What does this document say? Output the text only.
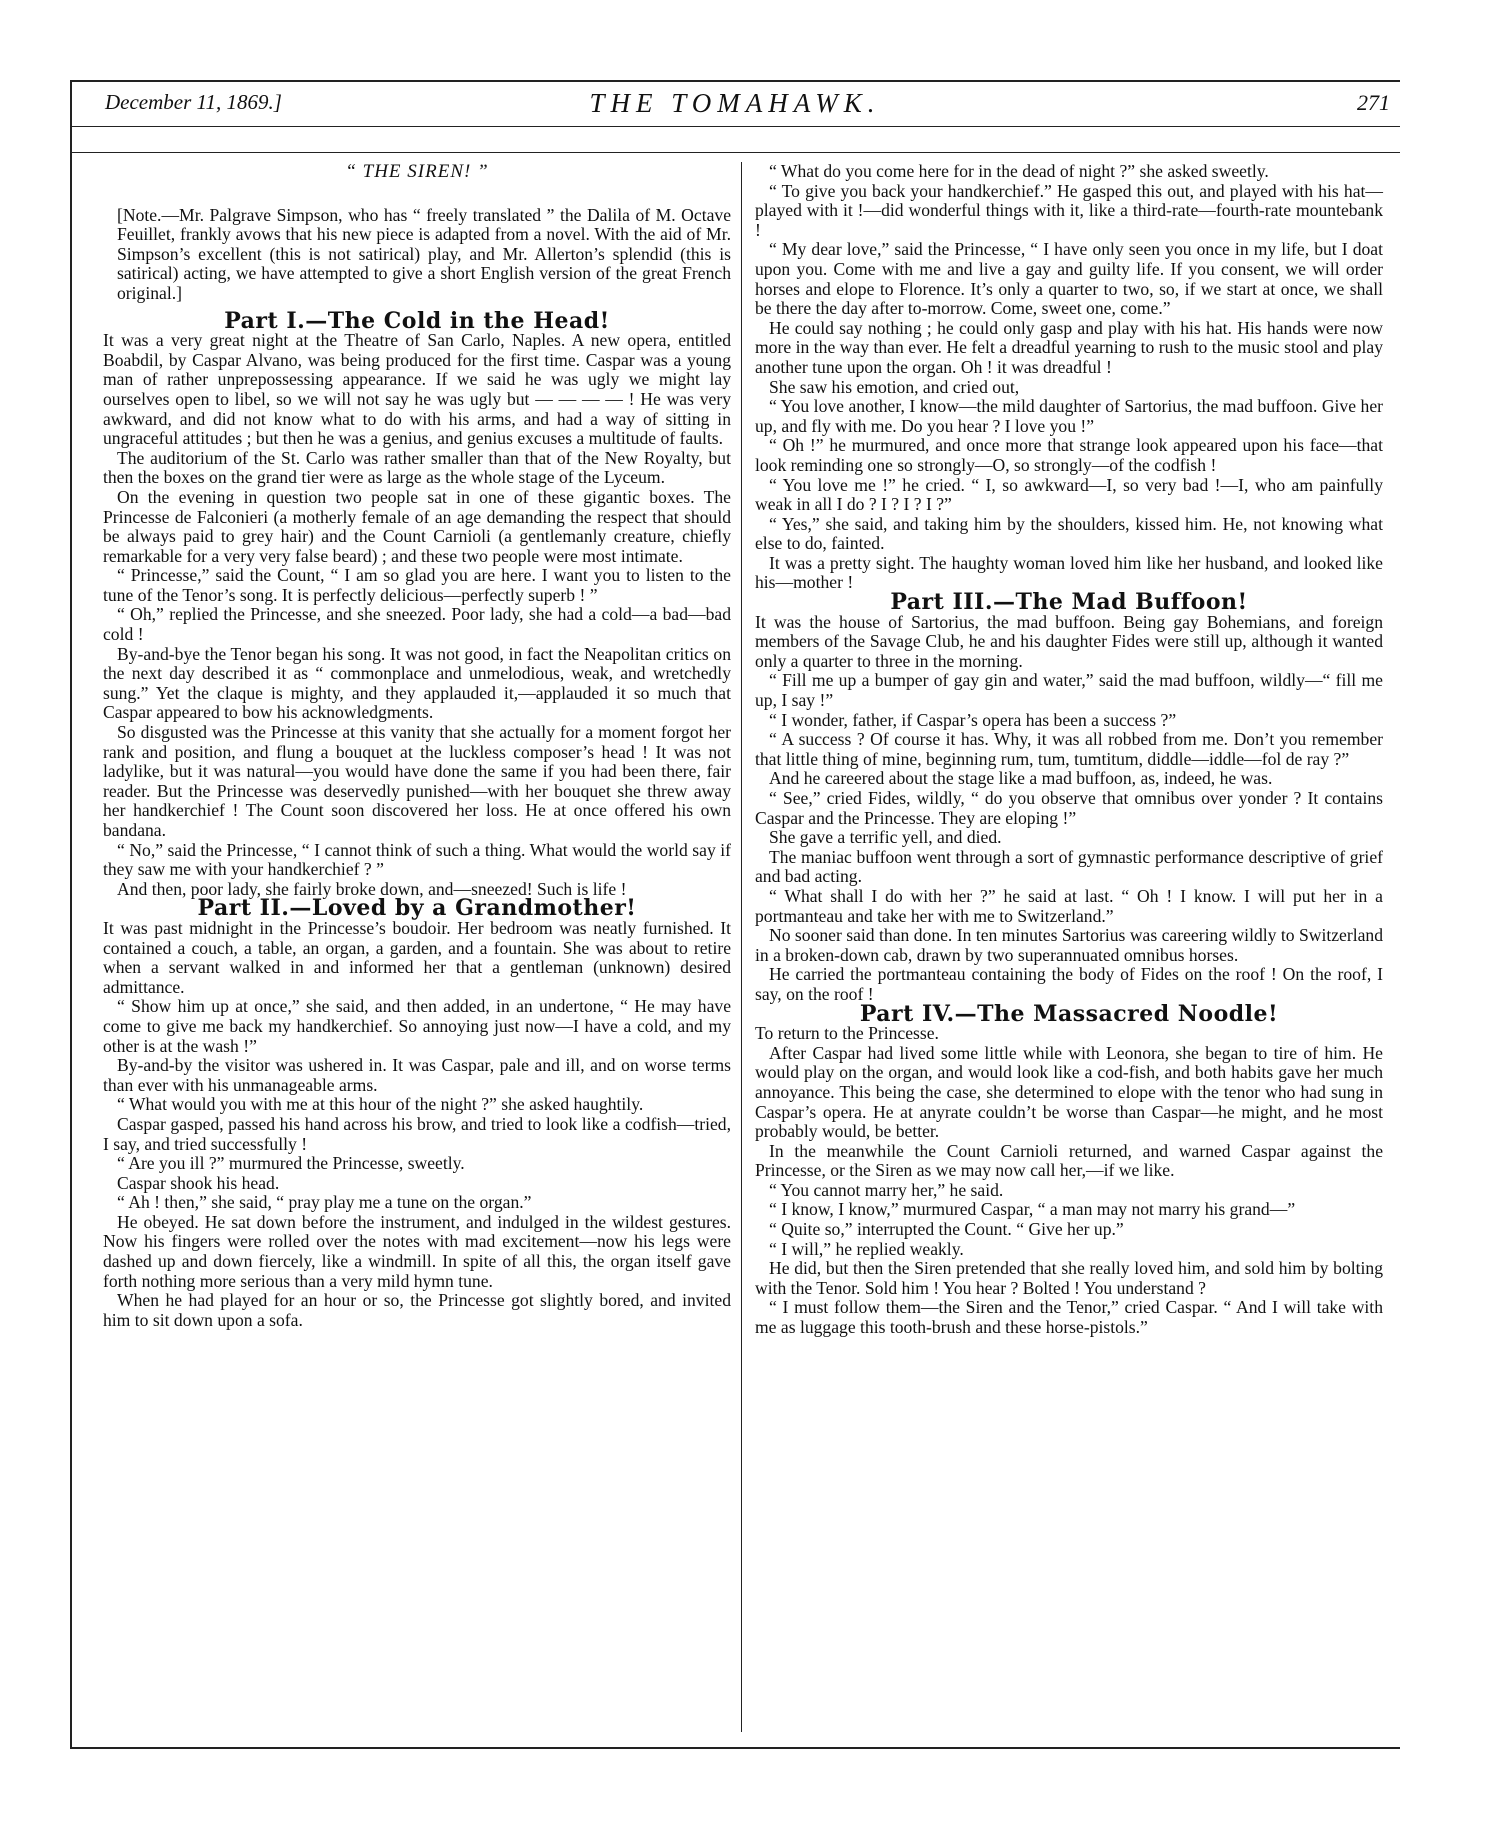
December 11, 1869.]	THE TOMAHAWK.	271

“ THE SIREN! ”

[Note.—Mr. Palgrave Simpson, who has “ freely translated ” the Dalila of M. Octave Feuillet, frankly avows that his new piece is adapted from a novel. With the aid of Mr. Simpson’s excellent (this is not satirical) play, and Mr. Allerton’s splendid (this is satirical) acting, we have attempted to give a short English version of the great French original.]

Part I.—The Cold in the Head!

It was a very great night at the Theatre of San Carlo, Naples. A new opera, entitled Boabdil, by Caspar Alvano, was being produced for the first time. Caspar was a young man of rather unprepossessing appearance. If we said he was ugly we might lay ourselves open to libel, so we will not say he was ugly but — — — — ! He was very awkward, and did not know what to do with his arms, and had a way of sitting in ungraceful attitudes ; but then he was a genius, and genius excuses a multitude of faults.

The auditorium of the St. Carlo was rather smaller than that of the New Royalty, but then the boxes on the grand tier were as large as the whole stage of the Lyceum.

On the evening in question two people sat in one of these gigantic boxes. The Princesse de Falconieri (a motherly female of an age demanding the respect that should be always paid to grey hair) and the Count Carnioli (a gentlemanly creature, chiefly remarkable for a very very false beard) ; and these two people were most intimate.

“ Princesse,” said the Count, “ I am so glad you are here. I want you to listen to the tune of the Tenor’s song. It is perfectly delicious—perfectly superb ! ”

“ Oh,” replied the Princesse, and she sneezed. Poor lady, she had a cold—a bad—bad cold !

By-and-bye the Tenor began his song. It was not good, in fact the Neapolitan critics on the next day described it as “ commonplace and unmelodious, weak, and wretchedly sung.” Yet the claque is mighty, and they applauded it,—applauded it so much that Caspar appeared to bow his acknowledgments.

So disgusted was the Princesse at this vanity that she actually for a moment forgot her rank and position, and flung a bouquet at the luckless composer’s head ! It was not ladylike, but it was natural—you would have done the same if you had been there, fair reader. But the Princesse was deservedly punished—with her bouquet she threw away her handkerchief ! The Count soon discovered her loss. He at once offered his own bandana.

“ No,” said the Princesse, “ I cannot think of such a thing. What would the world say if they saw me with your handkerchief ? ”

And then, poor lady, she fairly broke down, and—sneezed! Such is life !

Part II.—Loved by a Grandmother!

It was past midnight in the Princesse’s boudoir. Her bedroom was neatly furnished. It contained a couch, a table, an organ, a garden, and a fountain. She was about to retire when a servant walked in and informed her that a gentleman (unknown) desired admittance.

“ Show him up at once,” she said, and then added, in an undertone, “ He may have come to give me back my handkerchief. So annoying just now—I have a cold, and my other is at the wash !”

By-and-by the visitor was ushered in. It was Caspar, pale and ill, and on worse terms than ever with his unmanageable arms.

“ What would you with me at this hour of the night ?” she asked haughtily.

Caspar gasped, passed his hand across his brow, and tried to look like a codfish—tried, I say, and tried successfully !

“ Are you ill ?” murmured the Princesse, sweetly.

Caspar shook his head.

“ Ah ! then,” she said, “ pray play me a tune on the organ.”

He obeyed. He sat down before the instrument, and indulged in the wildest gestures. Now his fingers were rolled over the notes with mad excitement—now his legs were dashed up and down fiercely, like a windmill. In spite of all this, the organ itself gave forth nothing more serious than a very mild hymn tune.

When he had played for an hour or so, the Princesse got slightly bored, and invited him to sit down upon a sofa.

“ What do you come here for in the dead of night ?” she asked sweetly.

“ To give you back your handkerchief.” He gasped this out, and played with his hat—played with it !—did wonderful things with it, like a third-rate—fourth-rate mountebank !

“ My dear love,” said the Princesse, “ I have only seen you once in my life, but I doat upon you. Come with me and live a gay and guilty life. If you consent, we will order horses and elope to Florence. It’s only a quarter to two, so, if we start at once, we shall be there the day after to-morrow. Come, sweet one, come.”

He could say nothing ; he could only gasp and play with his hat. His hands were now more in the way than ever. He felt a dreadful yearning to rush to the music stool and play another tune upon the organ. Oh ! it was dreadful !

She saw his emotion, and cried out,

“ You love another, I know—the mild daughter of Sartorius, the mad buffoon. Give her up, and fly with me. Do you hear ? I love you !”

“ Oh !” he murmured, and once more that strange look appeared upon his face—that look reminding one so strongly—O, so strongly—of the codfish !

“ You love me !” he cried. “ I, so awkward—I, so very bad !—I, who am painfully weak in all I do ? I ? I ? I ?”

“ Yes,” she said, and taking him by the shoulders, kissed him. He, not knowing what else to do, fainted.

It was a pretty sight. The haughty woman loved him like her husband, and looked like his—mother !

Part III.—The Mad Buffoon!

It was the house of Sartorius, the mad buffoon. Being gay Bohemians, and foreign members of the Savage Club, he and his daughter Fides were still up, although it wanted only a quarter to three in the morning.

“ Fill me up a bumper of gay gin and water,” said the mad buffoon, wildly—“ fill me up, I say !”

“ I wonder, father, if Caspar’s opera has been a success ?”

“ A success ? Of course it has. Why, it was all robbed from me. Don’t you remember that little thing of mine, beginning rum, tum, tumtitum, diddle—iddle—fol de ray ?”

And he careered about the stage like a mad buffoon, as, indeed, he was.

“ See,” cried Fides, wildly, “ do you observe that omnibus over yonder ? It contains Caspar and the Princesse. They are eloping !”

She gave a terrific yell, and died.

The maniac buffoon went through a sort of gymnastic performance descriptive of grief and bad acting.

“ What shall I do with her ?” he said at last. “ Oh ! I know. I will put her in a portmanteau and take her with me to Switzerland.”

No sooner said than done. In ten minutes Sartorius was careering wildly to Switzerland in a broken-down cab, drawn by two superannuated omnibus horses.

He carried the portmanteau containing the body of Fides on the roof ! On the roof, I say, on the roof !

Part IV.—The Massacred Noodle!

To return to the Princesse.

After Caspar had lived some little while with Leonora, she began to tire of him. He would play on the organ, and would look like a cod-fish, and both habits gave her much annoyance. This being the case, she determined to elope with the tenor who had sung in Caspar’s opera. He at anyrate couldn’t be worse than Caspar—he might, and he most probably would, be better.

In the meanwhile the Count Carnioli returned, and warned Caspar against the Princesse, or the Siren as we may now call her,—if we like.

“ You cannot marry her,” he said.

“ I know, I know,” murmured Caspar, “ a man may not marry his grand—”

“ Quite so,” interrupted the Count. “ Give her up.”

“ I will,” he replied weakly.

He did, but then the Siren pretended that she really loved him, and sold him by bolting with the Tenor. Sold him ! You hear ? Bolted ! You understand ?

“ I must follow them—the Siren and the Tenor,” cried Caspar. “ And I will take with me as luggage this tooth-brush and these horse-pistols.”
